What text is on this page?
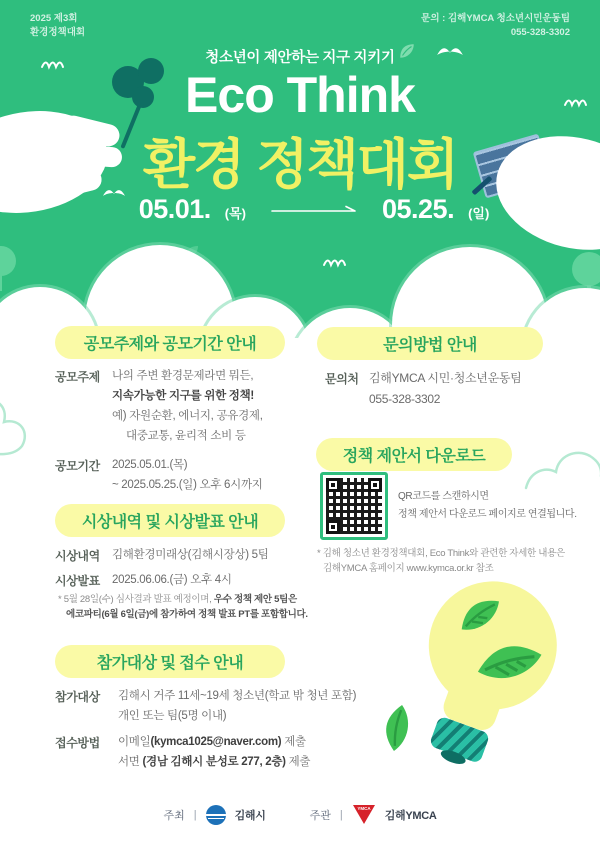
2025 제3회
환경정책대회
문의 : 김해YMCA 청소년시민운동팀
055-328-3302
청소년이 제안하는 지구 지키기
Eco Think
환경 정책대회
05.01. (목)	05.25. (일)
공모주제와 공모기간 안내
공모주제	나의 주변 환경문제라면 뭐든,
지속가능한 지구를 위한 정책!
예) 자원순환, 에너지, 공유경제,
대중교통, 윤리적 소비 등
공모기간	2025.05.01.(목)
~ 2025.05.25.(일) 오후 6시까지
시상내역 및 시상발표 안내
시상내역	김해환경미래상(김해시장상) 5팀
시상발표	2025.06.06.(금) 오후 4시
* 5월 28일(수) 심사결과 발표 예정이며, 우수 정책 제안 5팀은
에코파티(6월 6일(금)에 참가하여 정책 발표 PT를 포함합니다.
참가대상 및 접수 안내
참가대상	김해시 거주 11세~19세 청소년(학교 밖 청년 포함)
개인 또는 팀(5명 이내)
접수방법	이메일(kymca1025@naver.com) 제출
서면 (경남 김해시 분성로 277, 2층) 제출
문의방법 안내
문의처 김해YMCA 시민·청소년운동팀
055-328-3302
정책 제안서 다운로드
QR코드를 스캔하시면
정책 제안서 다운로드 페이지로 연결됩니다.
* 김해 청소년 환경정책대회, Eco Think와 관련한 자세한 내용은
김해YMCA 홈페이지 www.kymca.or.kr 참조
주최 |	김해시	주관 |	YMCA
김해YMCA
